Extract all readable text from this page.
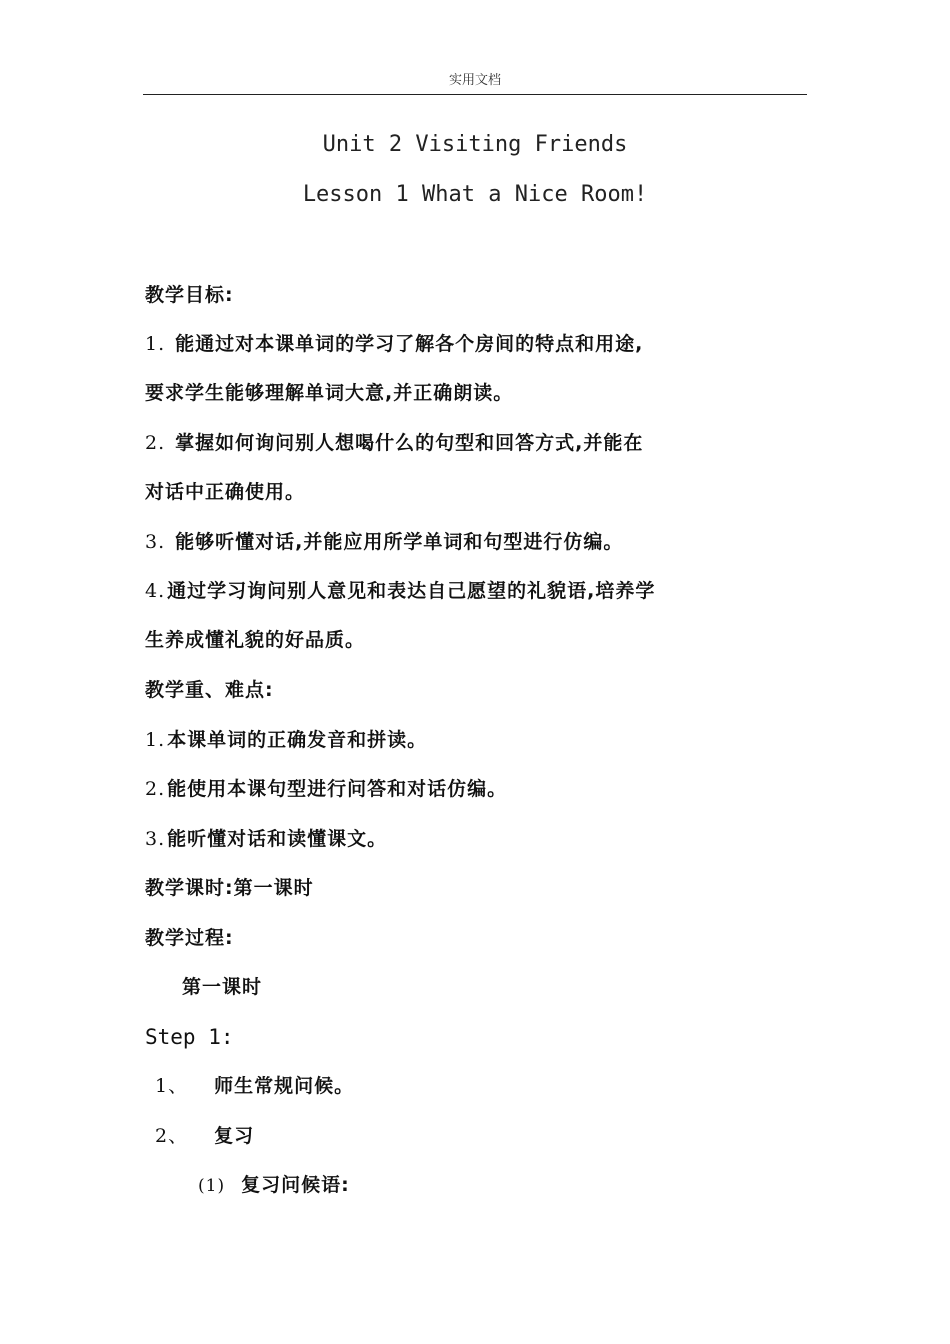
实用文档
Unit 2 Visiting Friends
Lesson 1 What a Nice Room!
教学目标:
1. 能通过对本课单词的学习了解各个房间的特点和用途,
要求学生能够理解单词大意,并正确朗读。
2. 掌握如何询问别人想喝什么的句型和回答方式,并能在
对话中正确使用。
3. 能够听懂对话,并能应用所学单词和句型进行仿编。
4. 通过学习询问别人意见和表达自己愿望的礼貌语,培养学
生养成懂礼貌的好品质。
教学重、难点:
1. 本课单词的正确发音和拼读。
2. 能使用本课句型进行问答和对话仿编。
3. 能听懂对话和读懂课文。
教学课时:第一课时
教学过程:
第一课时
Step 1:
1、 师生常规问候。
2、 复习
(1) 复习问候语:
